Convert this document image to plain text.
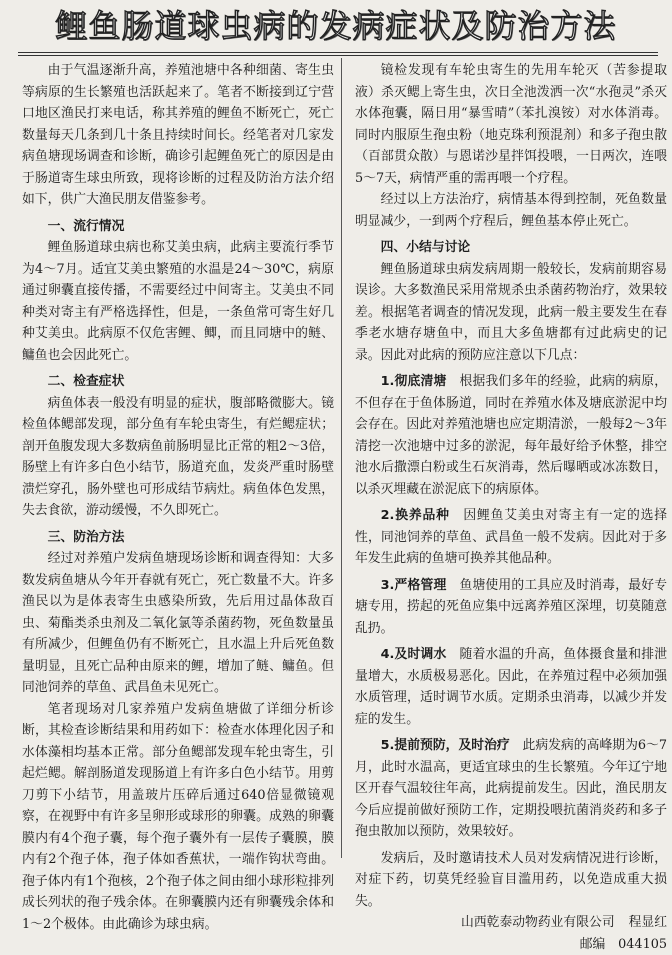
鲤鱼肠道球虫病的发病症状及防治方法

由于气温逐渐升高，养殖池塘中各种细菌、寄生虫等病原的生长繁殖也活跃起来了。笔者不断接到辽宁营口地区渔民打来电话，称其养殖的鲤鱼不断死亡，死亡数量每天几条到几十条且持续时间长。经笔者对几家发病鱼塘现场调查和诊断，确诊引起鲤鱼死亡的原因是由于肠道寄生球虫所致，现将诊断的过程及防治方法介绍如下，供广大渔民朋友借鉴参考。

一、流行情况

鲤鱼肠道球虫病也称艾美虫病，此病主要流行季节为4～7月。适宜艾美虫繁殖的水温是24～30℃，病原通过卵囊直接传播，不需要经过中间寄主。艾美虫不同种类对寄主有严格选择性，但是，一条鱼常可寄生好几种艾美虫。此病原不仅危害鲤、鲫，而且同塘中的鲢、鳙鱼也会因此死亡。

二、检查症状

病鱼体表一般没有明显的症状，腹部略微膨大。镜检鱼体鳃部发现，部分鱼有车轮虫寄生，有烂鳃症状；剖开鱼腹发现大多数病鱼前肠明显比正常的粗2～3倍，肠壁上有许多白色小结节，肠道充血，发炎严重时肠壁溃烂穿孔，肠外壁也可形成结节病灶。病鱼体色发黑，失去食欲，游动缓慢，不久即死亡。

三、防治方法

经过对养殖户发病鱼塘现场诊断和调查得知：大多数发病鱼塘从今年开春就有死亡，死亡数量不大。许多渔民以为是体表寄生虫感染所致，先后用过晶体敌百虫、菊酯类杀虫剂及二氧化氯等杀菌药物，死鱼数量虽有所减少，但鲤鱼仍有不断死亡，且水温上升后死鱼数量明显，且死亡品种由原来的鲤，增加了鲢、鳙鱼。但同池饲养的草鱼、武昌鱼未见死亡。

笔者现场对几家养殖户发病鱼塘做了详细分析诊断，其检查诊断结果和用药如下：检查水体理化因子和水体藻相均基本正常。部分鱼鳃部发现车轮虫寄生，引起烂鳃。解剖肠道发现肠道上有许多白色小结节。用剪刀剪下小结节，用盖玻片压碎后通过640倍显微镜观察，在视野中有许多呈卵形或球形的卵囊。成熟的卵囊膜内有4个孢子囊，每个孢子囊外有一层传子囊膜，膜内有2个孢子体，孢子体如香蕉状，一端作钩状弯曲。孢子体内有1个孢核，2个孢子体之间由细小球形粒排列成长列状的孢子残余体。在卵囊膜内还有卵囊残余体和1～2个极体。由此确诊为球虫病。

镜检发现有车轮虫寄生的先用车轮灭（苦参提取液）杀灭鳃上寄生虫，次日全池泼洒一次“水孢灵”杀灭水体孢囊，隔日用“暴雪晴”（苯扎溴铵）对水体消毒。同时内服原生孢虫粉（地克珠利预混剂）和多子孢虫散（百部贯众散）与恩诺沙星拌饵投喂，一日两次，连喂5～7天，病情严重的需再喂一个疗程。

经过以上方法治疗，病情基本得到控制，死鱼数量明显减少，一到两个疗程后，鲤鱼基本停止死亡。

四、小结与讨论

鲤鱼肠道球虫病发病周期一般较长，发病前期容易误诊。大多数渔民采用常规杀虫杀菌药物治疗，效果较差。根据笔者调查的情况发现，此病一般主要发生在春季老水塘存塘鱼中，而且大多鱼塘都有过此病史的记录。因此对此病的预防应注意以下几点：

1.彻底清塘　 根据我们多年的经验，此病的病原，不但存在于鱼体肠道，同时在养殖水体及塘底淤泥中均会存在。因此对养殖池塘也应定期清淤，一般每2～3年清挖一次池塘中过多的淤泥，每年最好给予休整，排空池水后撒漂白粉或生石灰消毒，然后曝晒或冰冻数日，以杀灭埋藏在淤泥底下的病原体。

2.换养品种　 因鲤鱼艾美虫对寄主有一定的选择性，同池饲养的草鱼、武昌鱼一般不发病。因此对于多年发生此病的鱼塘可换养其他品种。

3.严格管理　 鱼塘使用的工具应及时消毒，最好专塘专用，捞起的死鱼应集中远离养殖区深埋，切莫随意乱扔。

4.及时调水　 随着水温的升高，鱼体摄食量和排泄量增大，水质极易恶化。因此，在养殖过程中必须加强水质管理，适时调节水质。定期杀虫消毒，以减少并发症的发生。

5.提前预防，及时治疗　 此病发病的高峰期为6～7月，此时水温高，更适宜球虫的生长繁殖。今年辽宁地区开春气温较往年高，此病提前发生。因此，渔民朋友今后应提前做好预防工作，定期投喂抗菌消炎药和多子孢虫散加以预防，效果较好。

发病后，及时邀请技术人员对发病情况进行诊断，对症下药，切莫凭经验盲目滥用药，以免造成重大损失。

山西乾泰动物药业有限公司 程显红
邮编　044105
